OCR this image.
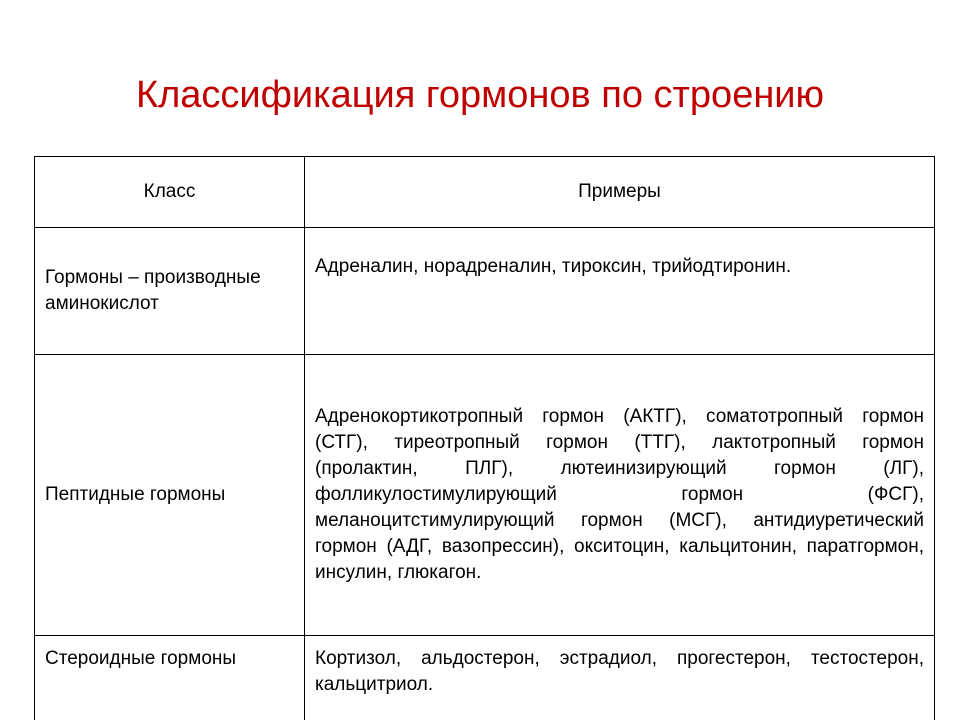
Классификация гормонов по строению
Класс	Примеры
Гормоны – производные аминокислот	Адреналин, норадреналин, тироксин, трийодтиронин.
Пептидные гормоны	Адренокортикотропный гормон (АКТГ), соматотропный гормон (СТГ), тиреотропный гормон (ТТГ), лактотропный гормон (пролактин, ПЛГ), лютеинизирующий гормон (ЛГ), фолликулостимулирующий гормон (ФСГ), меланоцитстимулирующий гормон (МСГ), антидиуретический гормон (АДГ, вазопрессин), окситоцин, кальцитонин, паратгормон, инсулин, глюкагон.
Стероидные гормоны	Кортизол, альдостерон, эстрадиол, прогестерон, тестостерон, кальцитриол.
